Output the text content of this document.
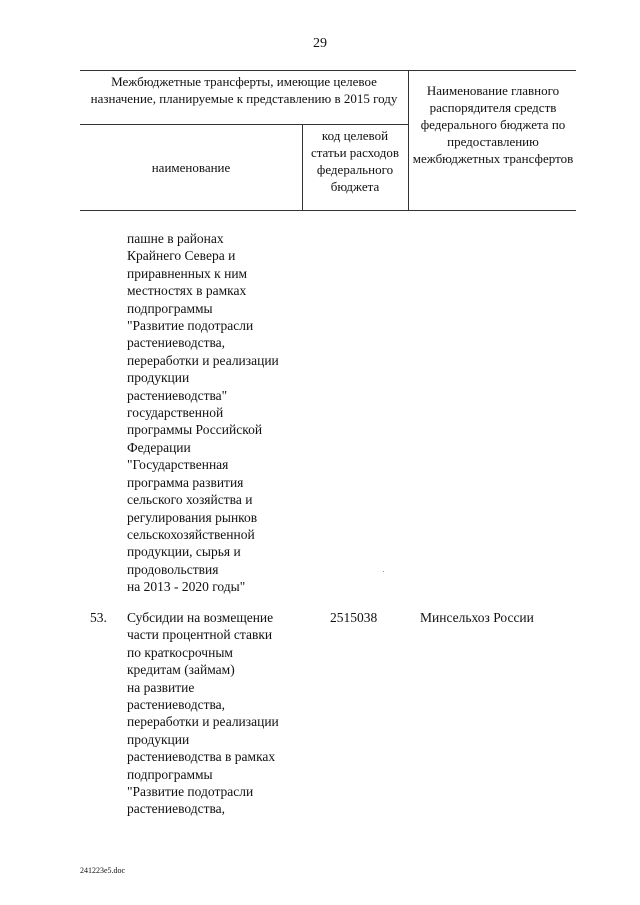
29
Межбюджетные трансферты, имеющие целевое назначение, планируемые к представлению в 2015 году
наименование
код целевой статьи расходов федерального бюджета
Наименование главного распорядителя средств федерального бюджета по предоставлению межбюджетных трансфертов
пашне в районах
Крайнего Севера и
приравненных к ним
местностях в рамках
подпрограммы
"Развитие подотрасли
растениеводства,
переработки и реализации
продукции
растениеводства"
государственной
программы Российской
Федерации
"Государственная
программа развития
сельского хозяйства и
регулирования рынков
сельскохозяйственной
продукции, сырья и
продовольствия
на 2013 - 2020 годы"
53. Субсидии на возмещение
части процентной ставки
по краткосрочным
кредитам (займам)
на развитие
растениеводства,
переработки и реализации
продукции
растениеводства в рамках
подпрограммы
"Развитие подотрасли
растениеводства,
2515038	Минсельхоз России
241223e5.doc
